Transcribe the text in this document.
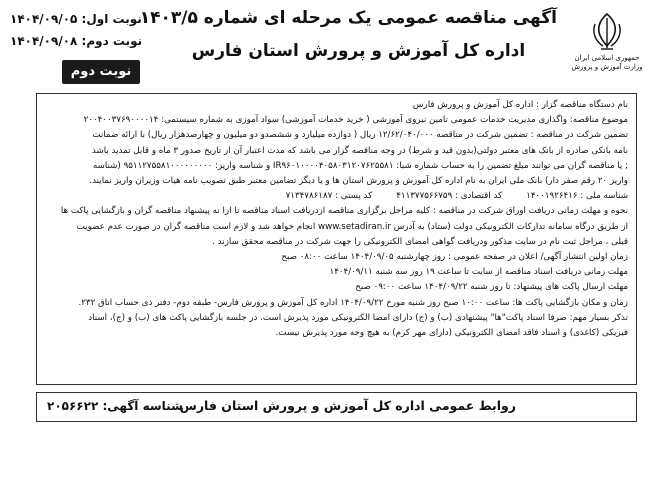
جمهوری اسلامی ایران
وزارت آموزش و پرورش
آگهی مناقصه عمومی یک مرحله ای شماره ۱۴۰۳/۵
اداره کل آموزش و پرورش استان فارس
نوبت اول: ۱۴۰۴/۰۹/۰۵
نوبت دوم: ۱۴۰۴/۰۹/۰۸
نوبت دوم
نام دستگاه مناقصه گزار : اداره کل آموزش و پرورش فارس
موضوع مناقصه: واگذاری مدیریت خدمات عمومی تامین نیروی آموزشی ( خرید خدمات آموزشی) سواد آموزی به شماره سیستمی: ۲۰۰۴۰۰۳۷۶۹۰۰۰۰۱۴
تضمین شرکت در مناقصه : تضمین شرکت در مناقصه ۱۲/۶۲/۰۴۰/۰۰۰ ریال ( دوازده میلیارد و ششصدو دو میلیون و چهارصدهزار ریال) با ارائه ضمانت
نامه بانکی صادره از بانک های معتبر دولتی(بدون قید و شرط) در وجه مناقصه گزار می باشد که مدت اعتبار آن از تاریخ صدور ۳ ماه و قابل تمدید باشد
; یا مناقصه گران می توانند مبلغ تضمین را به حساب شماره شبا: IR۹۶۰۱۰۰۰۰۴۰۵۸۰۳۱۲۰۷۶۲۵۵۸۱ و شناسه واریز: ۹۵۱۱۲۷۵۵۸۱۰۰۰۰۰۰۰۰۰ (شناسه
واریز ۲۰ رقم صفر دار) بانک ملی ایران به نام اداره کل آموزش و پرورش استان ها و یا دیگر تضامین معتبر طبق تصویب نامه هیات وزیران واریز نمایند.
شناسه ملی : ۱۴۰۰۱۹۲۶۴۱۶
کد اقتصادی : ۴۱۱۳۷۷۵۶۶۷۵۹
کد پستی : ۷۱۳۴۷۸۶۱۸۷
نحوه و مهلت زمانی دریافت اوراق شرکت در مناقصه : کلیه مراحل برگزاری مناقصه ازدریافت اسناد مناقصه تا ارا نه پیشنهاد مناقصه گران و بازگشایی پاکت ها
از طریق درگاه سامانه تدارکات الکترونیکی دولت (ستاد) به آدرس www.setadiran.ir انجام خواهد شد و لازم است مناقصه گران در صورت عدم عضویت
قبلی ، مراحل ثبت نام در سایت مذکور ودریافت گواهی امضای الکترونیکی را جهت شرکت در مناقصه محقق سازند .
زمان اولین انتشار آگهی/ اعلان در صفحه عمومی : روز چهارشنبه ۱۴۰۴/۰۹/۰۵ ساعت ۰۸:۰۰ صبح
مهلت زمانی دریافت اسناد مناقصه از سایت تا ساعت ۱۹ روز سه شنبه ۱۴۰۴/۰۹/۱۱
مهلت ارسال پاکت های پیشنهاد: تا روز شنبه ۱۴۰۴/۰۹/۲۲ ساعت ۰۹:۰۰ صبح
زمان و مکان بازگشایی پاکت ها: ساعت ۱۰:۰۰ صبح روز شنبه مورخ ۱۴۰۴/۰۹/۲۲ اداره کل آموزش و پرورش فارس- طبقه دوم- دفتر ذی حساب اتاق ۲۳۲.
تذکر بسیار مهم: صرفا اسناد پاکت"ها" پیشنهادی (ب) و (ج) دارای امضا الکترونیکی مورد پذیرش است. در جلسه بازگشایی پاکت های (ب) و (ج)، اسناد
فیزیکی (کاغذی) و اسناد فاقد امضای الکترونیکی (دارای مهر کرم) به هیچ وجه مورد پذیرش نیست.
روابط عمومی اداره کل آموزش و پرورش استان فارس
شناسه آگهی: ۲۰۵۶۶۲۲
